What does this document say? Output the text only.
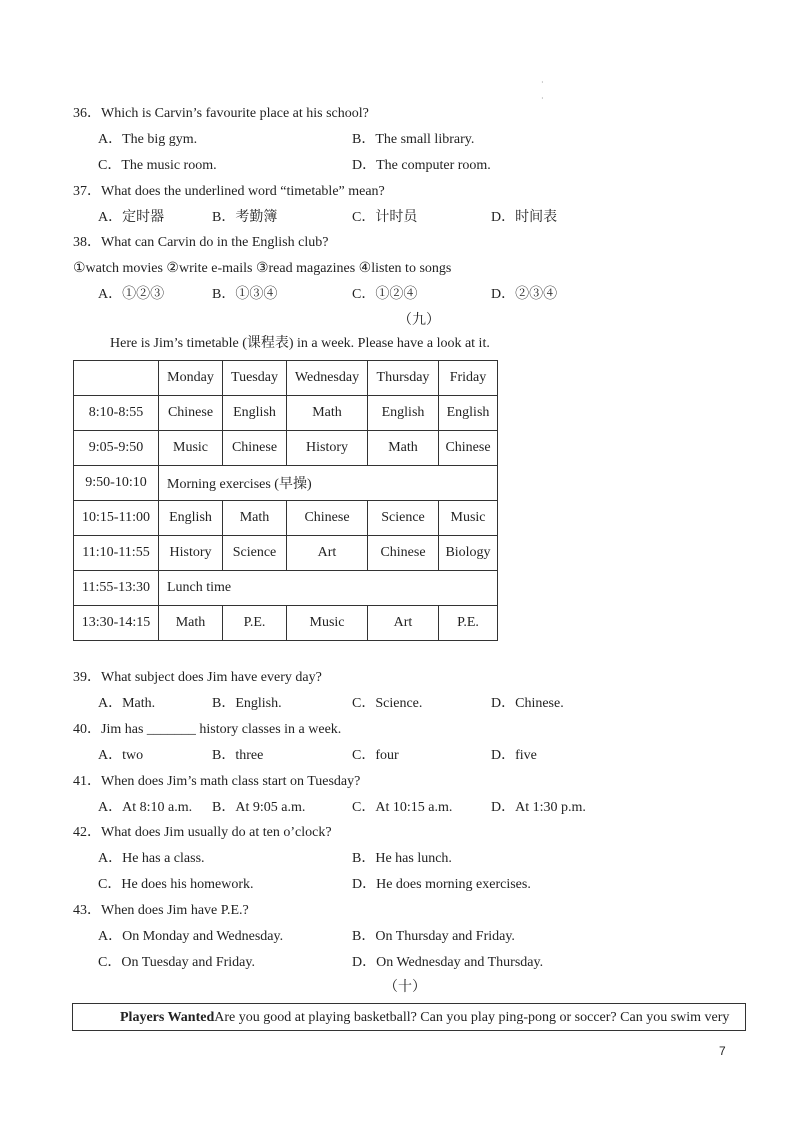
·
·
36．Which is Carvin’s favourite place at his school?
A．The big gym.	B．The small library.
C．The music room.	D．The computer room.
37．What does the underlined word “timetable” mean?
A．定时器	B．考勤簿	C．计时员	D．时间表
38．What can Carvin do in the English club?
①watch movies ②write e-mails ③read magazines ④listen to songs
A．①②③	B．①③④	C．①②④	D．②③④
（九）
Here is Jim’s timetable (课程表) in a week. Please have a look at it.
	Monday	Tuesday	Wednesday	Thursday	Friday
8:10-8:55	Chinese	English	Math	English	English
9:05-9:50	Music	Chinese	History	Math	Chinese
9:50-10:10	Morning exercises (早操)				
10:15-11:00	English	Math	Chinese	Science	Music
11:10-11:55	History	Science	Art	Chinese	Biology
11:55-13:30	Lunch time				
13:30-14:15	Math	P.E.	Music	Art	P.E.
39．What subject does Jim have every day?
A．Math.	B．English.	C．Science.	D．Chinese.
40．Jim has _______ history classes in a week.
A．two	B．three	C．four	D．five
41．When does Jim’s math class start on Tuesday?
A．At 8:10 a.m. B．At 9:05 a.m.	C．At 10:15 a.m.	D．At 1:30 p.m.
42．What does Jim usually do at ten o’clock?
A．He has a class.	B．He has lunch.
C．He does his homework.	D．He does morning exercises.
43．When does Jim have P.E.?
A．On Monday and Wednesday.	B．On Thursday and Friday.
C．On Tuesday and Friday.	D．On Wednesday and Thursday.
（十）
Players WantedAre you good at playing basketball? Can you play ping-pong or soccer? Can you swim very
7
